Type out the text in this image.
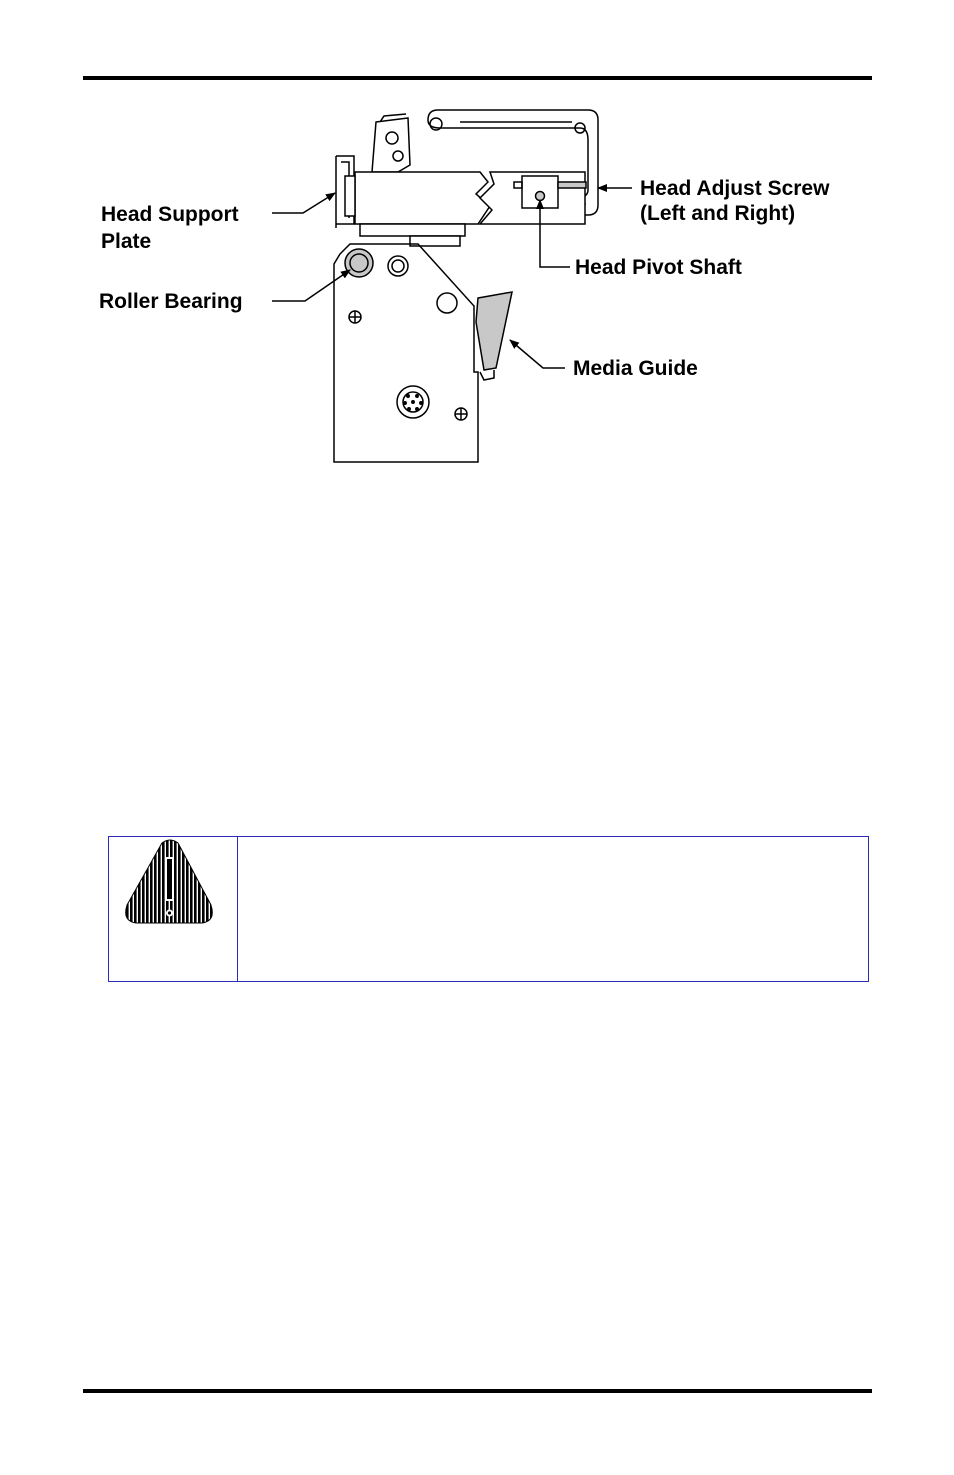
Head Support
Plate
Head Adjust Screw
(Left and Right)
Head Pivot Shaft
Roller Bearing
Media Guide
